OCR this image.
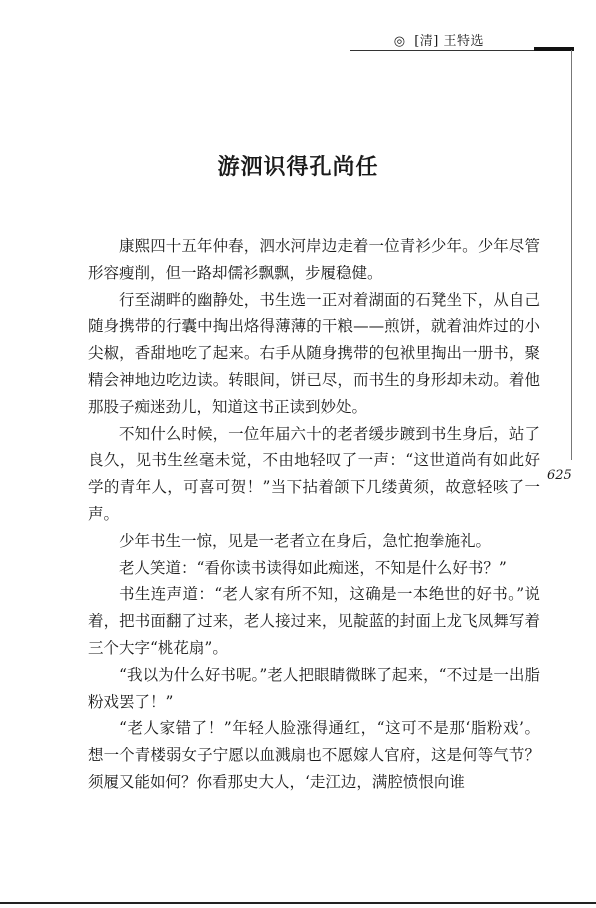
◎ [清] 王特选
625
游泗识得孔尚任

康熙四十五年仲春，泗水河岸边走着一位青衫少年。少年尽管形容瘦削，但一路却儒衫飘飘，步履稳健。

行至湖畔的幽静处，书生选一正对着湖面的石凳坐下，从自己随身携带的行囊中掏出烙得薄薄的干粮——煎饼，就着油炸过的小尖椒，香甜地吃了起来。右手从随身携带的包袱里掏出一册书，聚精会神地边吃边读。转眼间，饼已尽，而书生的身形却未动。着他那股子痴迷劲儿，知道这书正读到妙处。

不知什么时候，一位年届六十的老者缓步踱到书生身后，站了良久，见书生丝毫未觉，不由地轻叹了一声：“这世道尚有如此好学的青年人，可喜可贺！”当下拈着颌下几缕黄须，故意轻咳了一声。

少年书生一惊，见是一老者立在身后，急忙抱拳施礼。

老人笑道：“看你读书读得如此痴迷，不知是什么好书？”

书生连声道：“老人家有所不知，这确是一本绝世的好书。”说着，把书面翻了过来，老人接过来，见靛蓝的封面上龙飞凤舞写着三个大字“桃花扇”。

“我以为什么好书呢。”老人把眼睛微眯了起来，“不过是一出脂粉戏罢了！”

“老人家错了！”年轻人脸涨得通红，“这可不是那‘脂粉戏’。想一个青楼弱女子宁愿以血溅扇也不愿嫁人官府，这是何等气节？须履又能如何？你看那史大人，‘走江边，满腔愤恨向谁
